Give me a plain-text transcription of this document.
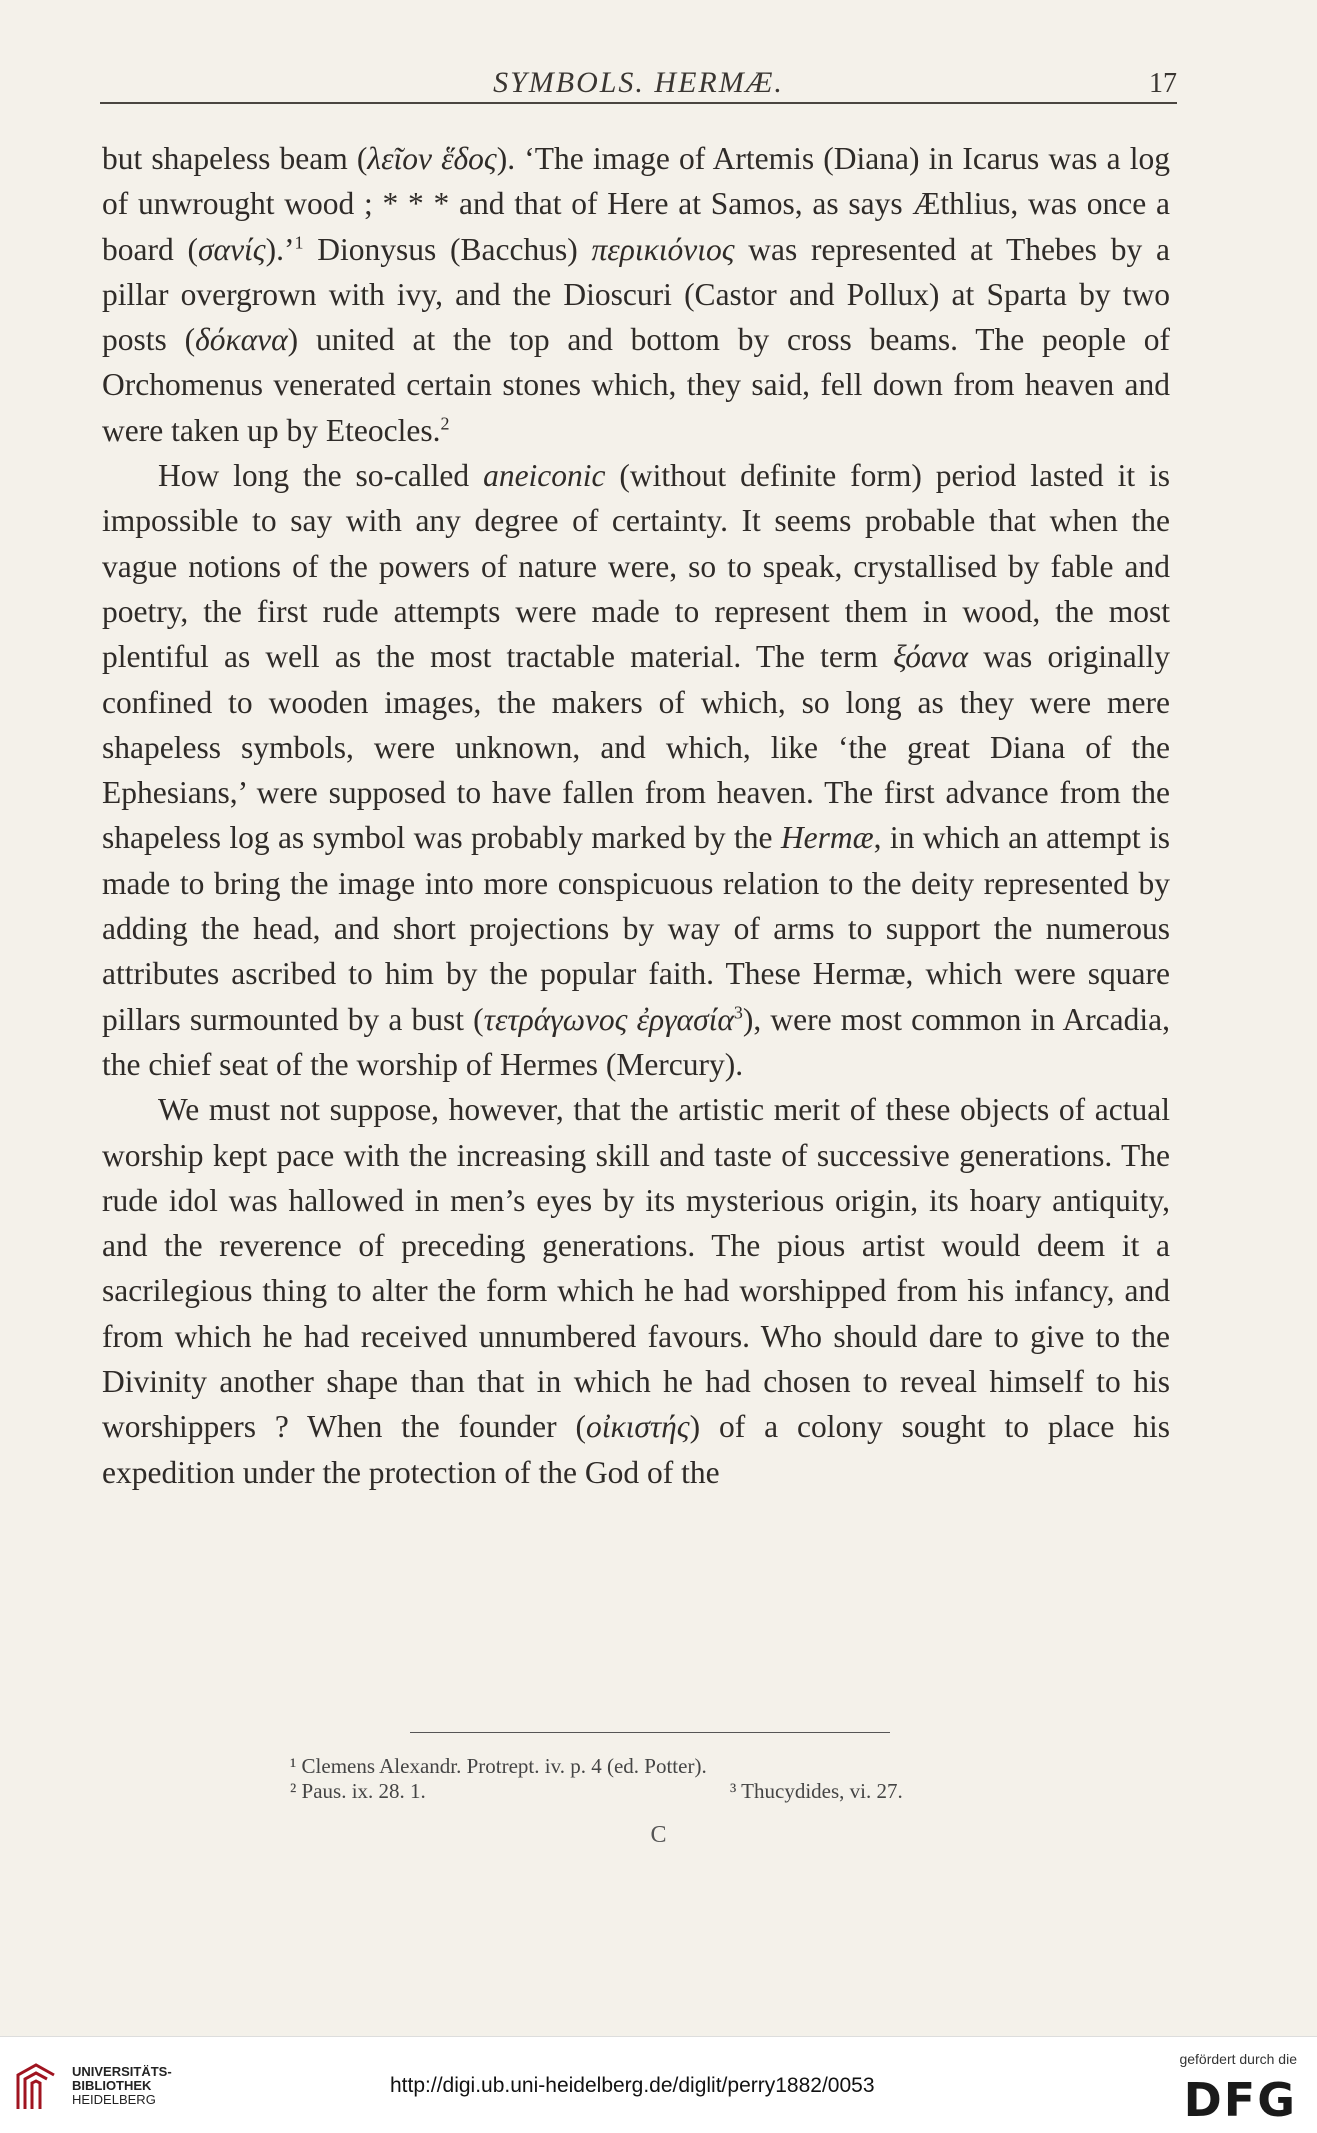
SYMBOLS. HERMÆ.	17

but shapeless beam (λεῖον ἕδος). ‘The image of Artemis (Diana) in Icarus was a log of unwrought wood ; * * * and that of Here at Samos, as says Æthlius, was once a board (σανίς).’$^1$ Dionysus (Bacchus) περικιόνιος was represented at Thebes by a pillar overgrown with ivy, and the Dioscuri (Castor and Pollux) at Sparta by two posts (δόκανα) united at the top and bottom by cross beams. The people of Orchomenus venerated certain stones which, they said, fell down from heaven and were taken up by Eteocles.$^2$

How long the so-called aneiconic (without definite form) period lasted it is impossible to say with any degree of certainty. It seems probable that when the vague notions of the powers of nature were, so to speak, crystallised by fable and poetry, the first rude attempts were made to represent them in wood, the most plentiful as well as the most tractable material. The term ξόανα was originally confined to wooden images, the makers of which, so long as they were mere shapeless symbols, were unknown, and which, like ‘the great Diana of the Ephesians,’ were supposed to have fallen from heaven. The first advance from the shapeless log as symbol was probably marked by the Hermæ, in which an attempt is made to bring the image into more conspicuous relation to the deity represented by adding the head, and short projections by way of arms to support the numerous attributes ascribed to him by the popular faith. These Hermæ, which were square pillars surmounted by a bust (τετράγωνος ἐργασία$^3$), were most common in Arcadia, the chief seat of the worship of Hermes (Mercury).

We must not suppose, however, that the artistic merit of these objects of actual worship kept pace with the increasing skill and taste of successive generations. The rude idol was hallowed in men’s eyes by its mysterious origin, its hoary antiquity, and the reverence of preceding generations. The pious artist would deem it a sacrilegious thing to alter the form which he had worshipped from his infancy, and from which he had received unnumbered favours. Who should dare to give to the Divinity another shape than that in which he had chosen to reveal himself to his worshippers ? When the founder (οἰκιστής) of a colony sought to place his expedition under the protection of the God of the

¹ Clemens Alexandr. Protrept. iv. p. 4 (ed. Potter).
² Paus. ix. 28. 1.	³ Thucydides, vi. 27.
C
UNIVERSITÄTS-
BIBLIOTHEK
HEIDELBERG
http://digi.ub.uni-heidelberg.de/diglit/perry1882/0053
gefördert durch die
DFG
